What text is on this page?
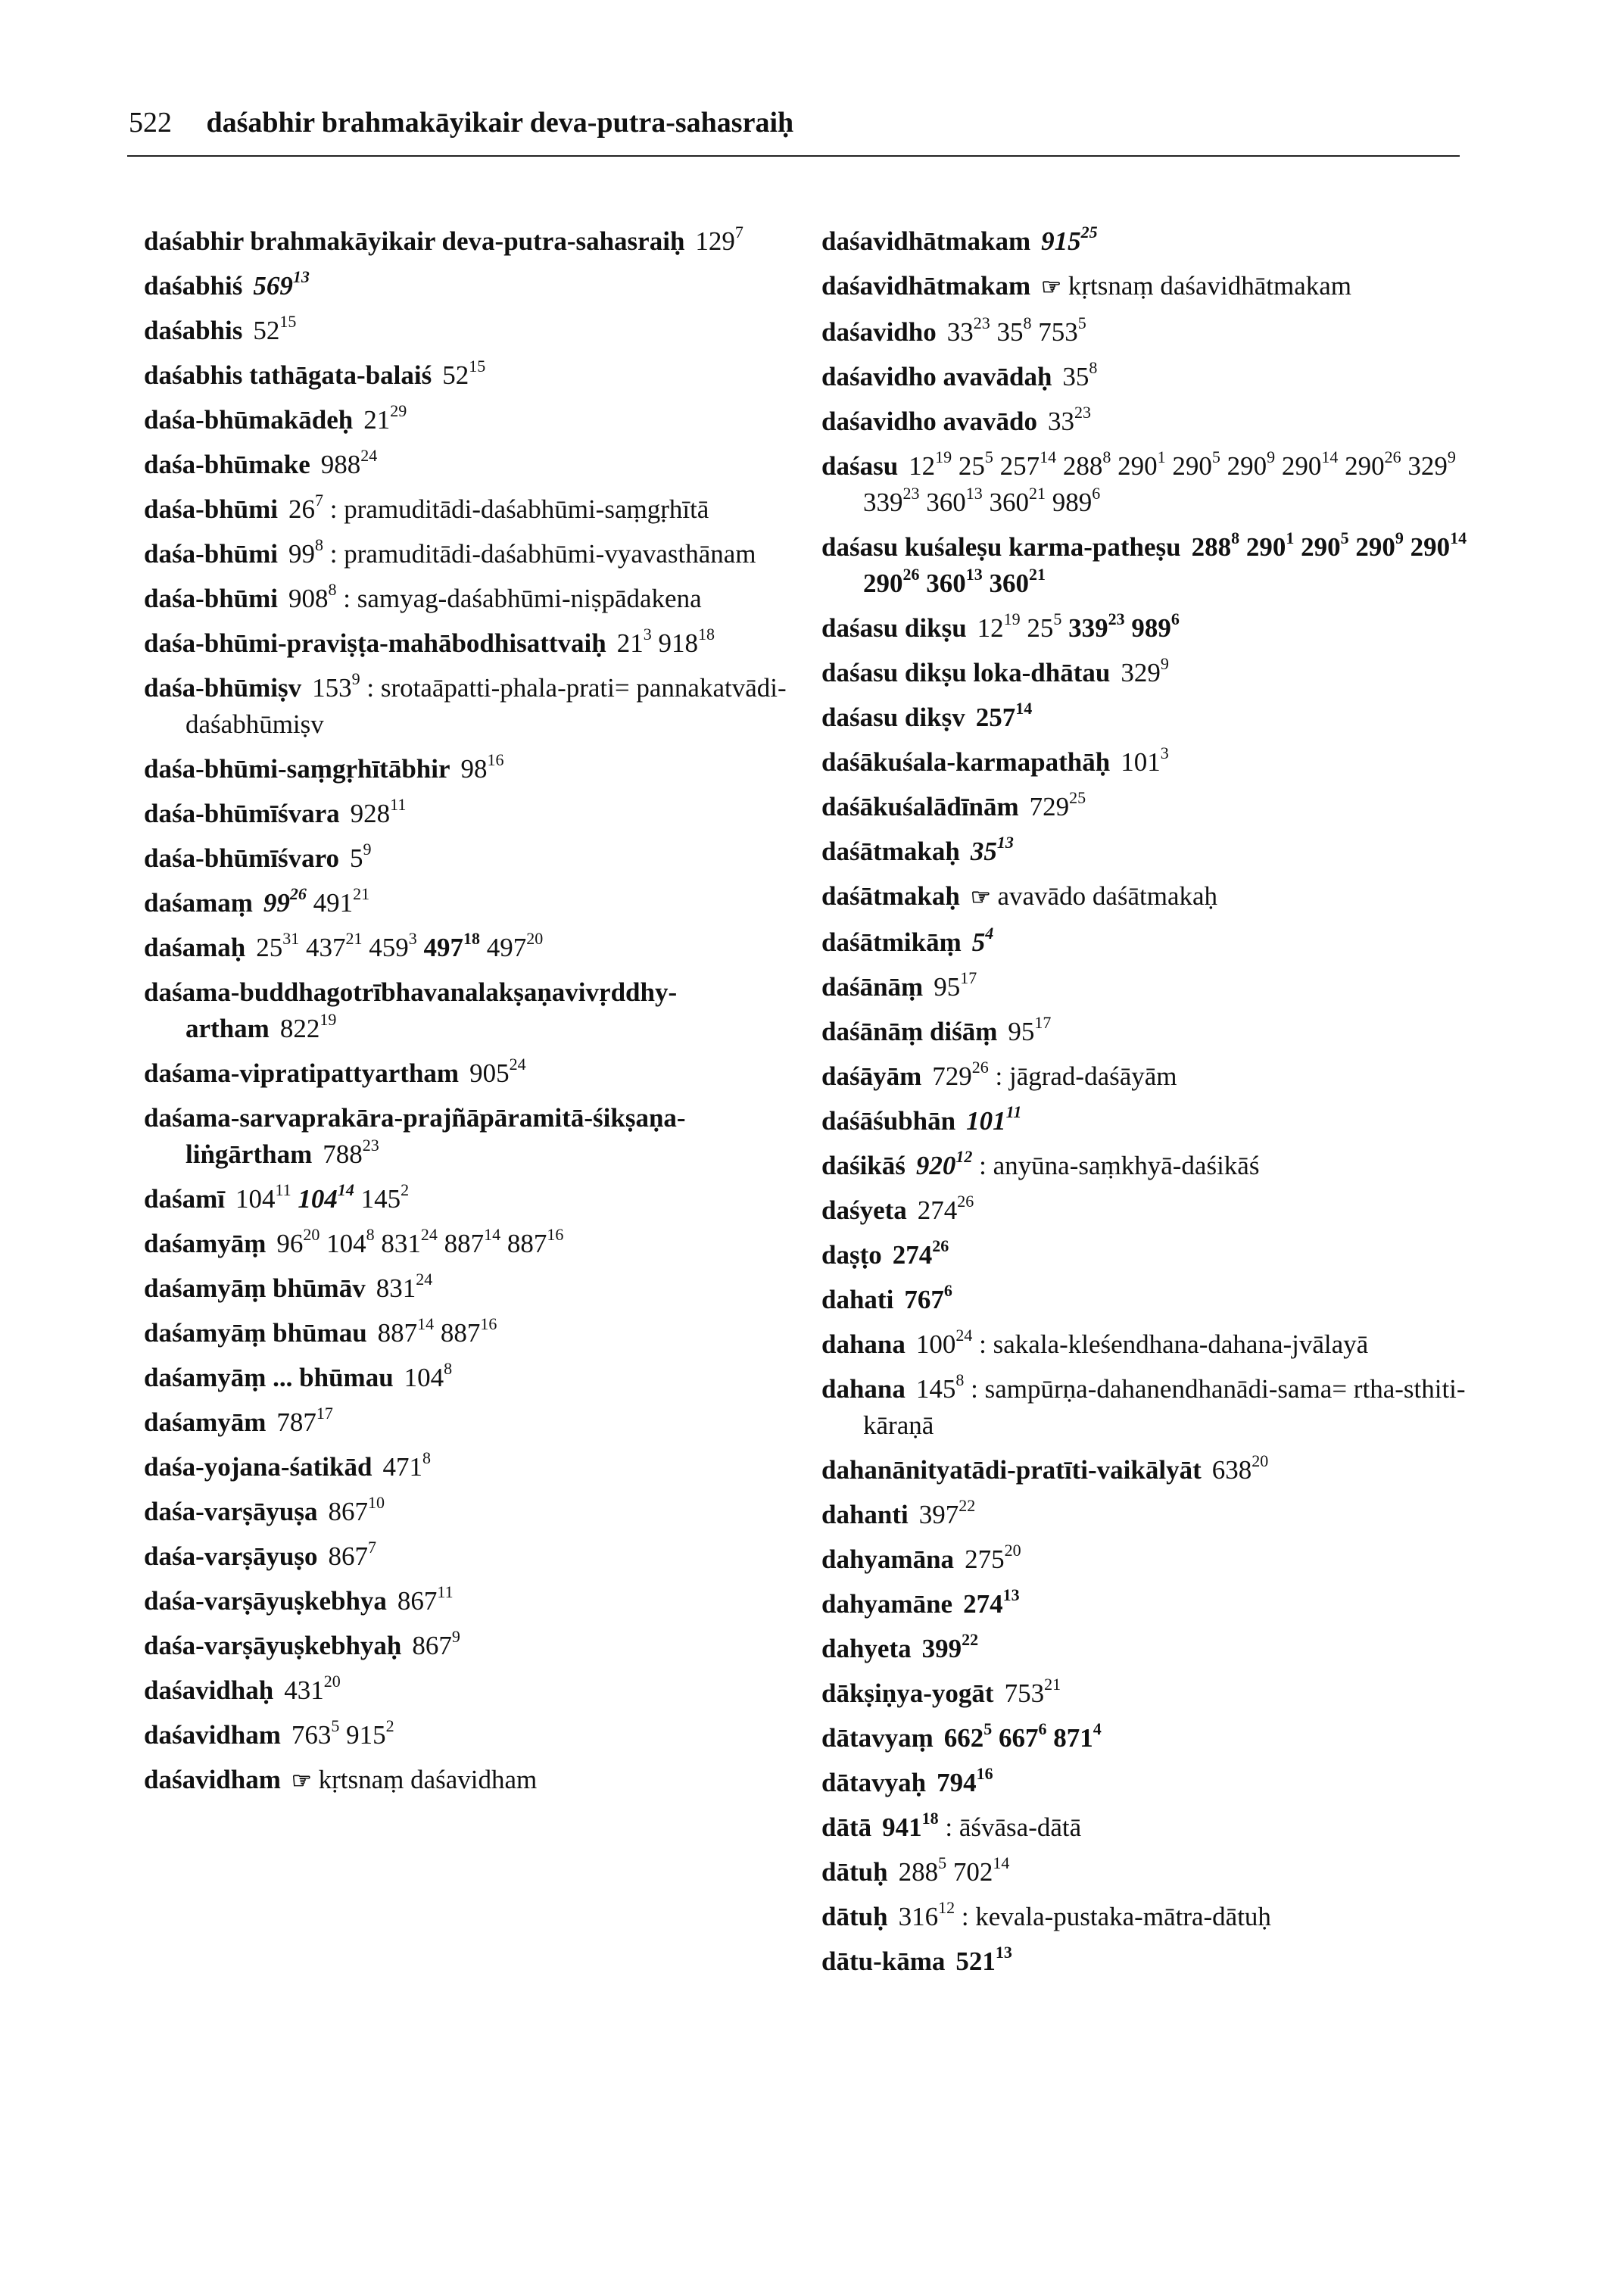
522 daśabhir brahmakāyikair deva-putra-sahasraiḥ
daśabhir brahmakāyikair deva-putra-sahasraiḥ $129^7$
daśabhiś $569^{13}$
daśabhis $52^{15}$
daśabhis tathāgata-balaiś $52^{15}$
daśa-bhūmakādeḥ $21^{29}$
daśa-bhūmake $988^{24}$
daśa-bhūmi $26^7$ : pramuditādi-daśabhūmi-saṃgṛhītā
daśa-bhūmi $99^8$ : pramuditādi-daśabhūmi-vyavasthānam
daśa-bhūmi $908^8$ : samyag-daśabhūmi-niṣpādakena
daśa-bhūmi-praviṣṭa-mahābodhisattvaiḥ $21^3$ $918^{18}$
daśa-bhūmiṣv $153^9$ : srotaāpatti-phala-prati= pannakatvādi-daśabhūmiṣv
daśa-bhūmi-saṃgṛhītābhir $98^{16}$
daśa-bhūmīśvara $928^{11}$
daśa-bhūmīśvaro $5^9$
daśamaṃ $99^{26}$ $491^{21}$
daśamaḥ $25^{31}$ $437^{21}$ $459^3$ $497^{18}$ $497^{20}$
daśama-buddhagotrībhavanalakṣaṇavivṛddhy-artham $822^{19}$
daśama-vipratipattyartham $905^{24}$
daśama-sarvaprakāra-prajñāpāramitā-śikṣaṇa-liṅgārtham $788^{23}$
daśamī $104^{11}$ $104^{14}$ $145^2$
daśamyāṃ $96^{20}$ $104^8$ $831^{24}$ $887^{14}$ $887^{16}$
daśamyāṃ bhūmāv $831^{24}$
daśamyāṃ bhūmau $887^{14}$ $887^{16}$
daśamyāṃ ... bhūmau $104^8$
daśamyām $787^{17}$
daśa-yojana-śatikād $471^8$
daśa-varṣāyuṣa $867^{10}$
daśa-varṣāyuṣo $867^7$
daśa-varṣāyuṣkebhya $867^{11}$
daśa-varṣāyuṣkebhyaḥ $867^9$
daśavidhaḥ $431^{20}$
daśavidham $763^5$ $915^2$
daśavidham ☞ kṛtsnaṃ daśavidham
daśavidhātmakam $915^{25}$
daśavidhātmakam ☞ kṛtsnaṃ daśavidhātmakam
daśavidho $33^{23}$ $35^8$ $753^5$
daśavidho avavādaḥ $35^8$
daśavidho avavādo $33^{23}$
daśasu $12^{19}$ $25^5$ $257^{14}$ $288^8$ $290^1$ $290^5$ $290^9$ $290^{14}$ $290^{26}$ $329^9$ $339^{23}$ $360^{13}$ $360^{21}$ $989^6$
daśasu kuśaleṣu karma-patheṣu $288^8$ $290^1$ $290^5$ $290^9$ $290^{14}$ $290^{26}$ $360^{13}$ $360^{21}$
daśasu dikṣu $12^{19}$ $25^5$ $339^{23}$ $989^6$
daśasu dikṣu loka-dhātau $329^9$
daśasu dikṣv $257^{14}$
daśākuśala-karmapathāḥ $101^3$
daśākuśalādīnām $729^{25}$
daśātmakaḥ $35^{13}$
daśātmakaḥ ☞ avavādo daśātmakaḥ
daśātmikāṃ $5^4$
daśānāṃ $95^{17}$
daśānāṃ diśāṃ $95^{17}$
daśāyām $729^{26}$ : jāgrad-daśāyām
daśāśubhān $101^{11}$
daśikāś $920^{12}$ : anyūna-saṃkhyā-daśikāś
daśyeta $274^{26}$
daṣṭo $274^{26}$
dahati $767^6$
dahana $100^{24}$ : sakala-kleśendhana-dahana-jvālayā
dahana $145^8$ : sampūrṇa-dahanendhanādi-sama= rtha-sthiti-kāraṇā
dahanānityatādi-pratīti-vaikālyāt $638^{20}$
dahanti $397^{22}$
dahyamāna $275^{20}$
dahyamāne $274^{13}$
dahyeta $399^{22}$
dākṣiṇya-yogāt $753^{21}$
dātavyaṃ $662^5$ $667^6$ $871^4$
dātavyaḥ $794^{16}$
dātā $941^{18}$ : āśvāsa-dātā
dātuḥ $288^5$ $702^{14}$
dātuḥ $316^{12}$ : kevala-pustaka-mātra-dātuḥ
dātu-kāma $521^{13}$
